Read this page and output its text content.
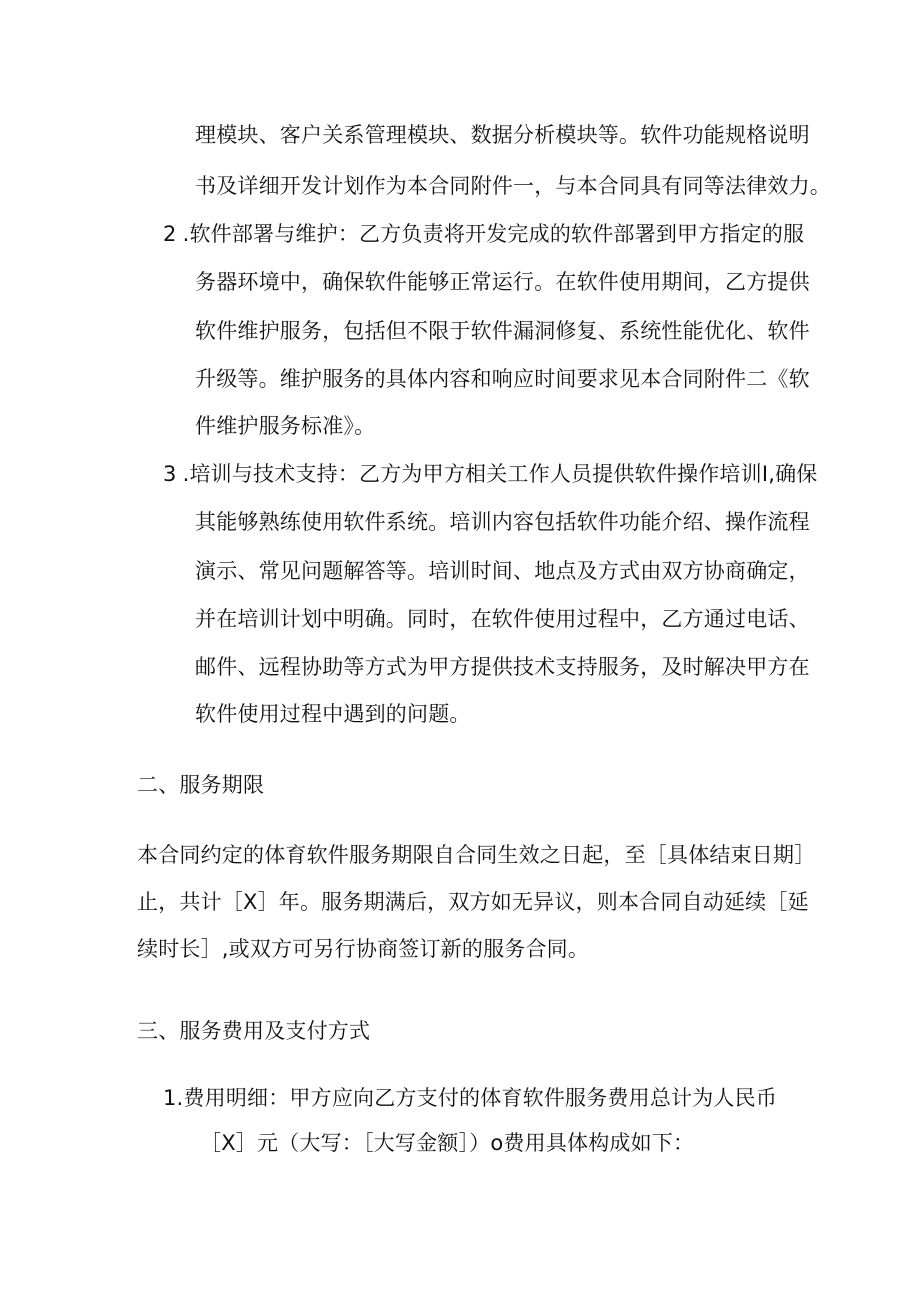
理模块、客户关系管理模块、数据分析模块等。软件功能规格说明
书及详细开发计划作为本合同附件一，与本合同具有同等法律效力。
2 .软件部署与维护：乙方负责将开发完成的软件部署到甲方指定的服
务器环境中，确保软件能够正常运行。在软件使用期间，乙方提供
软件维护服务，包括但不限于软件漏洞修复、系统性能优化、软件
升级等。维护服务的具体内容和响应时间要求见本合同附件二《软
件维护服务标准》。
3 .培训与技术支持：乙方为甲方相关工作人员提供软件操作培训I,确保
其能够熟练使用软件系统。培训内容包括软件功能介绍、操作流程
演示、常见问题解答等。培训时间、地点及方式由双方协商确定，
并在培训计划中明确。同时，在软件使用过程中，乙方通过电话、
邮件、远程协助等方式为甲方提供技术支持服务，及时解决甲方在
软件使用过程中遇到的问题。
二、服务期限
本合同约定的体育软件服务期限自合同生效之日起，至［具体结束日期］
止，共计［X］年。服务期满后，双方如无异议，则本合同自动延续［延
续时长］,或双方可另行协商签订新的服务合同。
三、服务费用及支付方式
1.费用明细：甲方应向乙方支付的体育软件服务费用总计为人民币
［X］元（大写：［大写金额］）o费用具体构成如下：
